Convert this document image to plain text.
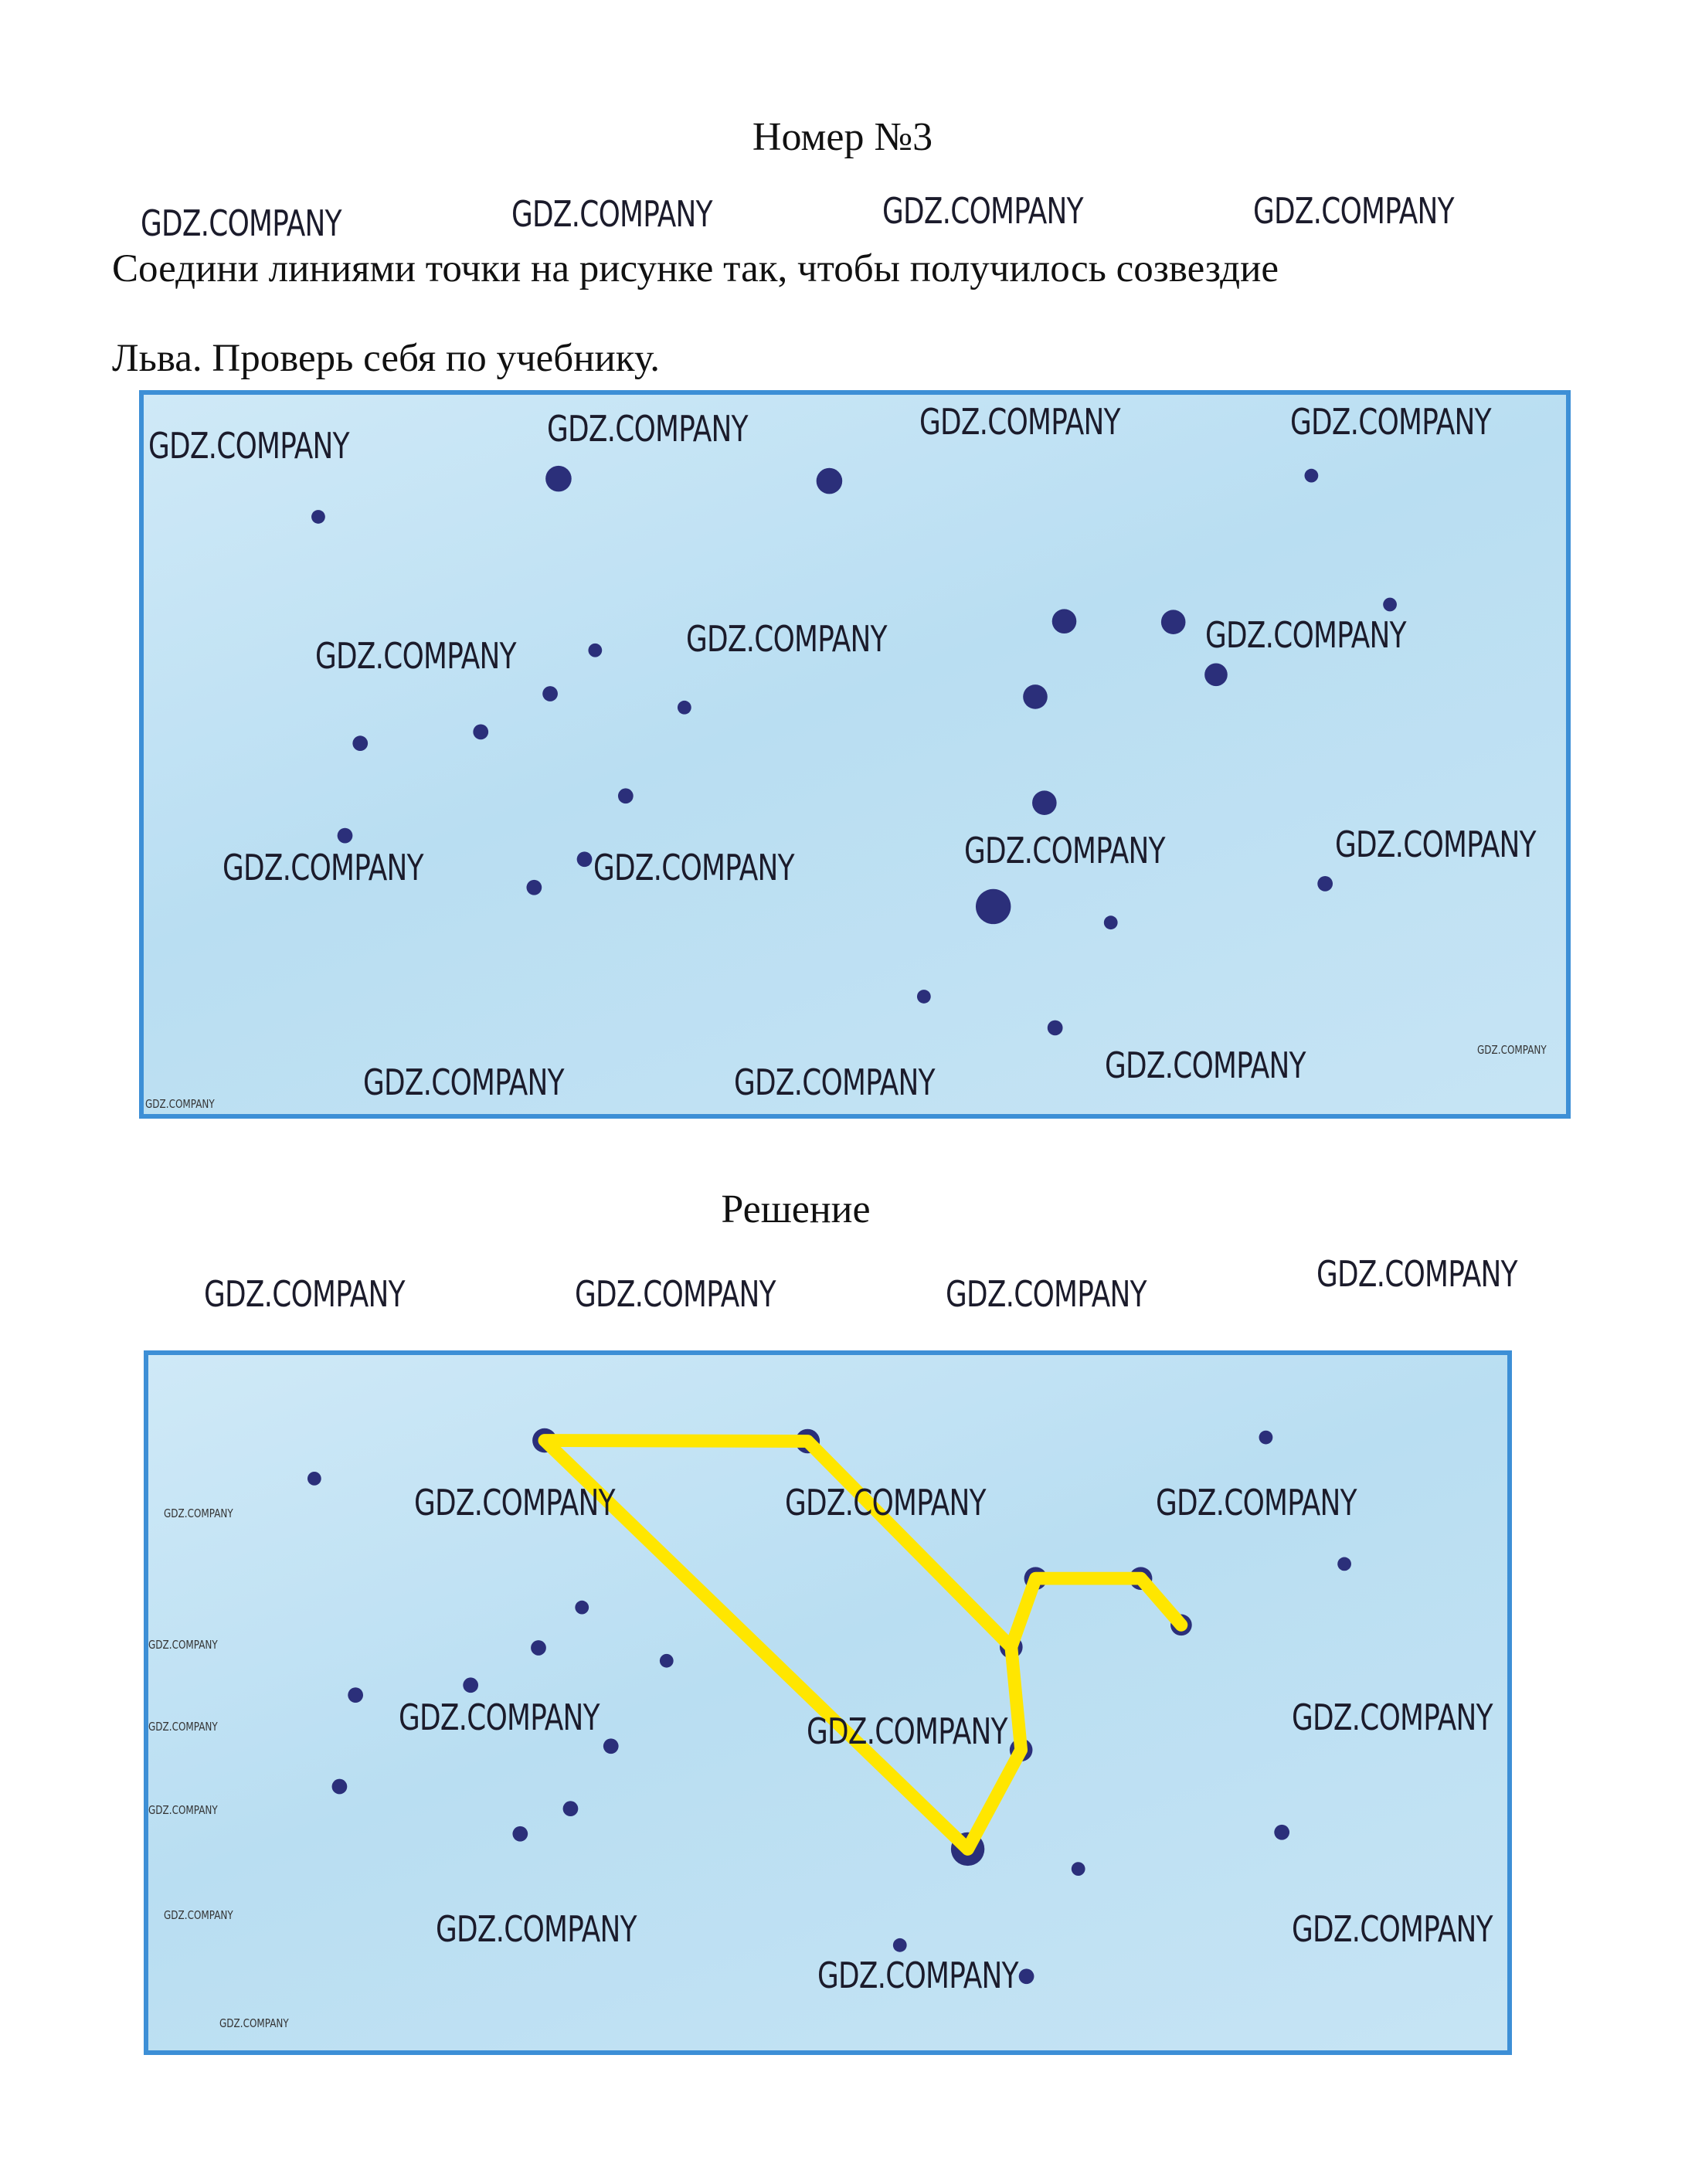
Номер №3
Соедини линиями точки на рисунке так, чтобы получилось созвездие
Льва. Проверь себя по учебнику.
Решение
GDZ.COMPANY	GDZ.COMPANY	GDZ.COMPANY	GDZ.COMPANY
GDZ.COMPANY	GDZ.COMPANY	GDZ.COMPANY	GDZ.COMPANY
GDZ.COMPANY	GDZ.COMPANY	GDZ.COMPANY
GDZ.COMPANY	GDZ.COMPANY	GDZ.COMPANY	GDZ.COMPANY
GDZ.COMPANY	GDZ.COMPANY	GDZ.COMPANY	GDZ.COMPANY
GDZ.COMPANY
GDZ.COMPANY	GDZ.COMPANY	GDZ.COMPANY	GDZ.COMPANY
GDZ.COMPANY	GDZ.COMPANY	GDZ.COMPANY
GDZ.COMPANY	GDZ.COMPANY	GDZ.COMPANY
GDZ.COMPANY
GDZ.COMPANY
GDZ.COMPANY
GDZ.COMPANY
GDZ.COMPANY
GDZ.COMPANY
GDZ.COMPANY
GDZ.COMPANY
GDZ.COMPANY
